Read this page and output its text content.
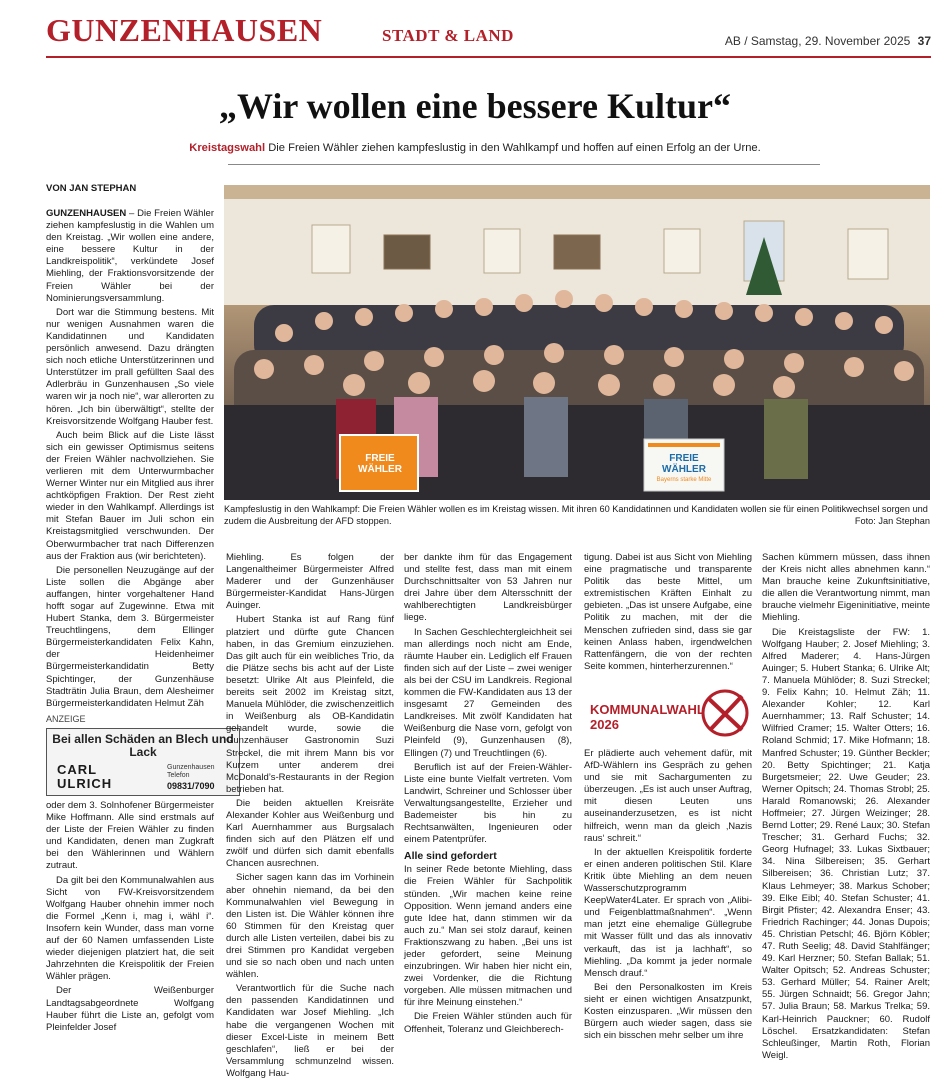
GUNZENHAUSEN	STADT & LAND	AB / Samstag, 29. November 2025 37
„Wir wollen eine bessere Kultur“
Kreistagswahl Die Freien Wähler ziehen kampfeslustig in den Wahlkampf und hoffen auf einen Erfolg an der Urne.
VON JAN STEPHAN

GUNZENHAUSEN – Die Freien Wähler ziehen kampfeslustig in die Wahlen um den Kreistag. „Wir wollen eine andere, eine bessere Kultur in der Landkreispolitik“, verkündete Josef Miehling, der Fraktionsvorsitzende der Freien Wähler bei der Nominierungsversammlung.

Dort war die Stimmung bestens. Mit nur wenigen Ausnahmen waren die Kandidatinnen und Kandidaten persönlich anwesend. Dazu drängten sich noch etliche Unterstützerinnen und Unterstützer im prall gefüllten Saal des Adlerbräu in Gunzenhausen „So viele waren wir ja noch nie“, war allerorten zu hören. „Ich bin überwältigt“, stellte der Kreisvorsitzende Wolfgang Hauber fest.

Auch beim Blick auf die Liste lässt sich ein gewisser Optimismus seitens der Freien Wähler nachvollziehen. Sie verlieren mit dem Unterwurmbacher Werner Winter nur ein Mitglied aus ihrer achtköpfigen Fraktion. Der Rest zieht wieder in den Wahlkampf. Allerdings ist mit Stefan Bauer im Juli schon ein Kreistagsmitglied verschwunden. Der Oberwurmbacher trat nach Differenzen aus der Fraktion aus (wir berichteten).

Die personellen Neuzugänge auf der Liste sollen die Abgänge aber auffangen, hinter vorgehaltener Hand hofft sogar auf Zugewinne. Etwa mit Hubert Stanka, dem 3. Bürgermeister Treuchtlingens, dem Ellinger Bürgermeisterkandidaten Felix Kahn, der Heidenheimer Bürgermeisterkandidatin Betty Spichtinger, der Gunzenhäuse Stadträtin Julia Braun, dem Alesheimer Bürgermeisterkandidaten Helmut Zäh

FREIE WÄHLER
FREIE WÄHLER
Bayerns starke Mitte
Kampfeslustig in den Wahlkampf: Die Freien Wähler wollen es im Kreistag wissen. Mit ihren 60 Kandidatinnen und Kandidaten wollen sie für einen Politikwechsel sorgen und zudem die Ausbreitung der AFD stoppen.	Foto: Jan Stephan
ANZEIGE
Bei allen Schäden an Blech und Lack
CARL
ULRICH
Gunzenhausen
Telefon
09831/7090

oder dem 3. Solnhofener Bürgermeister Mike Hoffmann. Alle sind erstmals auf der Liste der Freien Wähler zu finden und Kandidaten, denen man Zugkraft bei den Wählerinnen und Wählern zutraut.

Da gilt bei den Kommunalwahlen aus Sicht von FW-Kreisvorsitzendem Wolfgang Hauber ohnehin immer noch die Formel „Kenn i, mag i, wähl i“. Insofern kein Wunder, dass man vorne auf der 60 Namen umfassenden Liste wieder diejenigen platziert hat, die seit Jahrzehnten die Kreispolitik der Freien Wähler prägen.

Der Weißenburger Landtagsabgeordnete Wolfgang Hauber führt die Liste an, gefolgt vom Pleinfelder Josef

Miehling. Es folgen der Langenaltheimer Bürgermeister Alfred Maderer und der Gunzenhäuser Bürgermeister-Kandidat Hans-Jürgen Auinger.

Hubert Stanka ist auf Rang fünf platziert und dürfte gute Chancen haben, in das Gremium einzuziehen. Das gilt auch für ein weibliches Trio, da die Plätze sechs bis acht auf der Liste besetzt: Ulrike Alt aus Pleinfeld, die bereits seit 2002 im Kreistag sitzt, Manuela Mühlöder, die zwischenzeitlich in Weißenburg als OB-Kandidatin gehandelt wurde, sowie die Gunzenhäuser Gastronomin Suzi Streckel, die mit ihrem Mann bis vor Kurzem unter anderem drei McDonald’s-Restaurants in der Region betrieben hat.

Die beiden aktuellen Kreisräte Alexander Kohler aus Weißenburg und Karl Auernhammer aus Burgsalach finden sich auf den Plätzen elf und zwölf und dürfen sich damit ebenfalls Chancen ausrechnen.

Sicher sagen kann das im Vorhinein aber ohnehin niemand, da bei den Kommunalwahlen viel Bewegung in den Listen ist. Die Wähler können ihre 60 Stimmen für den Kreistag quer durch alle Listen verteilen, dabei bis zu drei Stimmen pro Kandidat vergeben und sie so nach oben und nach unten wählen.

Verantwortlich für die Suche nach den passenden Kandidatinnen und Kandidaten war Josef Miehling. „Ich habe die vergangenen Wochen mit dieser Excel-Liste in meinem Bett geschlafen“, ließ er bei der Versammlung schmunzelnd wissen. Wolfgang Hau-

ber dankte ihm für das Engagement und stellte fest, dass man mit einem Durchschnittsalter von 53 Jahren nur drei Jahre über dem Altersschnitt der wahlberechtigten Landkreisbürger liege.

In Sachen Geschlechtergleichheit sei man allerdings noch nicht am Ende, räumte Hauber ein. Lediglich elf Frauen finden sich auf der Liste – zwei weniger als bei der CSU im Landkreis. Regional kommen die FW-Kandidaten aus 13 der insgesamt 27 Gemeinden des Landkreises. Mit zwölf Kandidaten hat Weißenburg die Nase vorn, gefolgt von Pleinfeld (9), Gunzenhausen (8), Ellingen (7) und Treuchtlingen (6).

Beruflich ist auf der Freien-Wähler-Liste eine bunte Vielfalt vertreten. Vom Landwirt, Schreiner und Schlosser über Verwaltungsangestellte, Erzieher und Bademeister bis hin zu Rechtsanwälten, Ingenieuren oder einem Patentprüfer.

Alle sind gefordert

In seiner Rede betonte Miehling, dass die Freien Wähler für Sachpolitik stünden. „Wir machen keine reine Opposition. Wenn jemand anders eine gute Idee hat, dann stimmen wir da auch zu.“ Man sei stolz darauf, keinen Fraktionszwang zu haben. „Bei uns ist jeder gefordert, seine Meinung einzubringen. Wir haben hier nicht ein, zwei Vordenker, die die Richtung vorgeben. Alle müssen mitmachen und für ihre Meinung einstehen.“

Die Freien Wähler stünden auch für Offenheit, Toleranz und Gleichberech-

tigung. Dabei ist aus Sicht von Miehling eine pragmatische und transparente Politik das beste Mittel, um extremistischen Kräften Einhalt zu gebieten. „Das ist unsere Aufgabe, eine Politik zu machen, mit der die Menschen zufrieden sind, dass sie gar keinen Anlass haben, irgendwelchen Rattenfängern, die von der rechten Seite kommen, hinterherzurennen.“

KOMMUNALWAHL 2026

Er plädierte auch vehement dafür, mit AfD-Wählern ins Gespräch zu gehen und sie mit Sachargumenten zu überzeugen. „Es ist auch unser Auftrag, mit diesen Leuten uns auseinanderzusetzen, es ist nicht hilfreich, wenn man da gleich ‚Nazis raus‘ schreit.“

In der aktuellen Kreispolitik forderte er einen anderen politischen Stil. Klare Kritik übte Miehling an dem neuen Wasserschutzprogramm KeepWater4Later. Er sprach von „Alibi- und Feigenblattmaßnahmen“. „Wenn man jetzt eine ehemalige Güllegrube mit Wasser füllt und das als innovativ verkauft, das ist ja lachhaft“, so Miehling. „Da kommt ja jeder normale Mensch drauf.“

Bei den Personalkosten im Kreis sieht er einen wichtigen Ansatzpunkt, Kosten einzusparen. „Wir müssen den Bürgern auch wieder sagen, dass sie sich ein bisschen mehr selber um ihre

Sachen kümmern müssen, dass ihnen der Kreis nicht alles abnehmen kann.“ Man brauche keine Zukunftsinitiative, die allen die Verantwortung nimmt, man brauche vielmehr Eigeninitiative, meinte Miehling.

Die Kreistagsliste der FW: 1. Wolfgang Hauber; 2. Josef Miehling; 3. Alfred Maderer; 4. Hans-Jürgen Auinger; 5. Hubert Stanka; 6. Ulrike Alt; 7. Manuela Mühlöder; 8. Suzi Streckel; 9. Felix Kahn; 10. Helmut Zäh; 11. Alexander Kohler; 12. Karl Auernhammer; 13. Ralf Schuster; 14. Wilfried Cramer; 15. Walter Otters; 16. Roland Schmid; 17. Mike Hofmann; 18. Manfred Schuster; 19. Günther Beckler; 20. Betty Spichtinger; 21. Katja Burgetsmeier; 22. Uwe Geuder; 23. Werner Opitsch; 24. Thomas Strobl; 25. Harald Romanowski; 26. Alexander Hoffmeier; 27. Jürgen Weizinger; 28. Bernd Lotter; 29. René Laux; 30. Stefan Trescher; 31. Gerhard Fuchs; 32. Georg Hufnagel; 33. Lukas Sixtbauer; 34. Nina Silbereisen; 35. Gerhart Silbereisen; 36. Christian Lutz; 37. Klaus Lehmeyer; 38. Markus Schober; 39. Elke Eibl; 40. Stefan Schuster; 41. Birgit Pfister; 42. Alexandra Enser; 43. Friedrich Rachinger; 44. Jonas Dupois; 45. Christian Petschl; 46. Björn Köbler; 47. Ruth Seelig; 48. David Stahlfänger; 49. Karl Herzner; 50. Stefan Ballak; 51. Walter Opitsch; 52. Andreas Schuster; 53. Gerhard Müller; 54. Rainer Arelt; 55. Jürgen Schnaidt; 56. Gregor Jahn; 57. Julia Braun; 58. Markus Trelka; 59. Karl-Heinrich Pauckner; 60. Rudolf Löschel. Ersatzkandidaten: Stefan Schleußinger, Martin Roth, Florian Weigl.
